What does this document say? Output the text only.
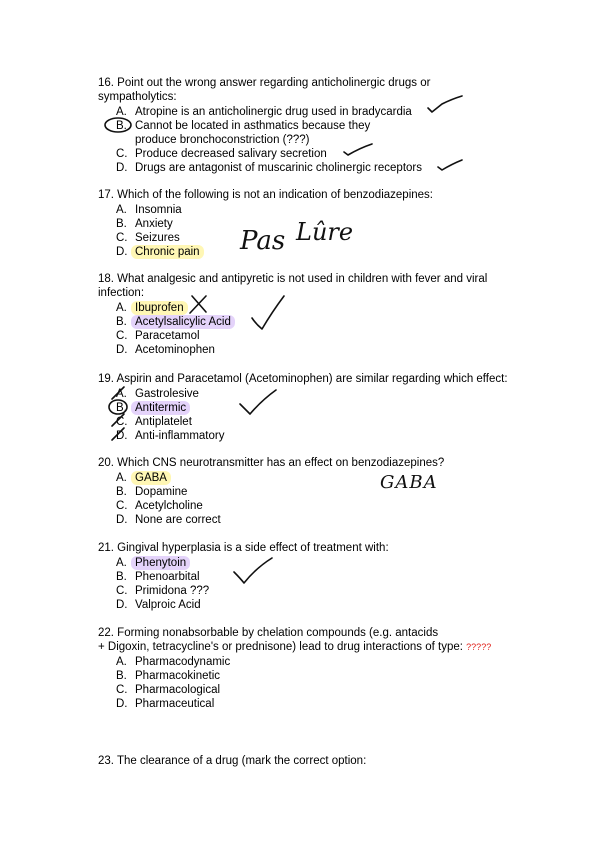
16. Point out the wrong answer regarding anticholinergic drugs or sympatholytics:

A. Atropine is an anticholinergic drug used in bradycardia
B. Cannot be located in asthmatics because they produce bronchoconstriction (???)
C. Produce decreased salivary secretion
D. Drugs are antagonist of muscarinic cholinergic receptors

17. Which of the following is not an indication of benzodiazepines:

A. Insomnia
B. Anxiety
C. Seizures
D. Chronic pain

18. What analgesic and antipyretic is not used in children with fever and viral infection:

A. Ibuprofen
B. Acetylsalicylic Acid
C. Paracetamol
D. Acetominophen

19. Aspirin and Paracetamol (Acetominophen) are similar regarding which effect:

A. Gastrolesive
B. Antitermic
C. Antiplatelet
D. Anti-inflammatory

20. Which CNS neurotransmitter has an effect on benzodiazepines?

A. GABA
B. Dopamine
C. Acetylcholine
D. None are correct

21. Gingival hyperplasia is a side effect of treatment with:

A. Phenytoin
B. Phenoarbital
C. Primidona ???
D. Valproic Acid

22. Forming nonabsorbable by chelation compounds (e.g. antacids
+ Digoxin, tetracycline's or prednisone) lead to drug interactions of type: ?????

A. Pharmacodynamic
B. Pharmacokinetic
C. Pharmacological
D. Pharmaceutical

23. The clearance of a drug (mark the correct option:

Pas Lûre
GABA
